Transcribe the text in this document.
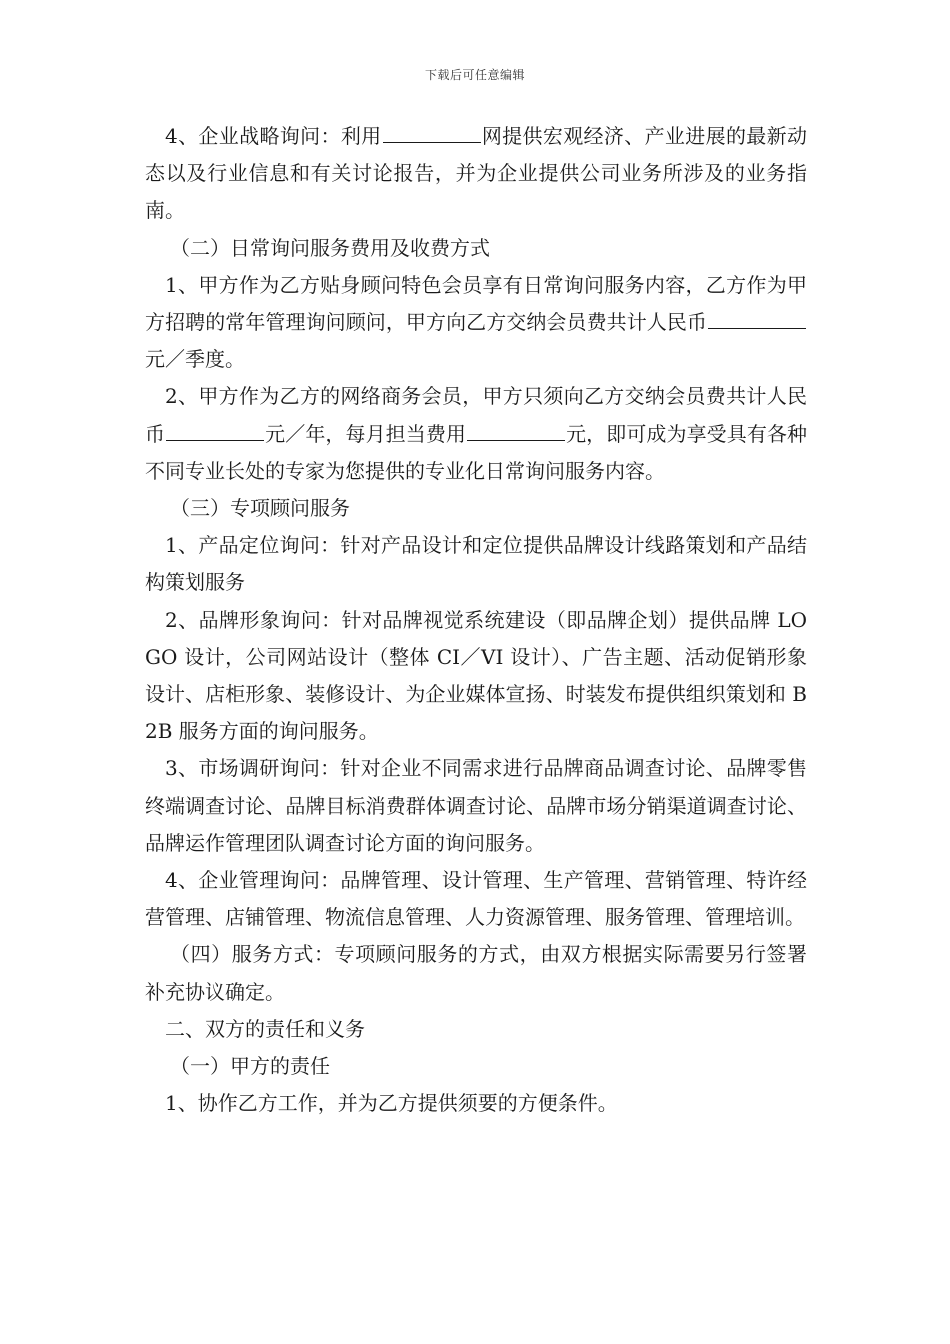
下载后可任意编辑

4、企业战略询问：利用	网提供宏观经济、产业进展的最新动态以及行业信息和有关讨论报告，并为企业提供公司业务所涉及的业务指南。

（二）日常询问服务费用及收费方式

1、甲方作为乙方贴身顾问特色会员享有日常询问服务内容，乙方作为甲方招聘的常年管理询问顾问，甲方向乙方交纳会员费共计人民币元／季度。

2、甲方作为乙方的网络商务会员，甲方只须向乙方交纳会员费共计人民币	元／年，每月担当费用	元，即可成为享受具有各种不同专业长处的专家为您提供的专业化日常询问服务内容。

（三）专项顾问服务

1、产品定位询问：针对产品设计和定位提供品牌设计线路策划和产品结构策划服务

2、品牌形象询问：针对品牌视觉系统建设（即品牌企划）提供品牌 LOGO 设计，公司网站设计（整体 CI／VI 设计）、广告主题、活动促销形象设计、店柜形象、装修设计、为企业媒体宣扬、时装发布提供组织策划和 B2B 服务方面的询问服务。

3、市场调研询问：针对企业不同需求进行品牌商品调查讨论、品牌零售终端调查讨论、品牌目标消费群体调查讨论、品牌市场分销渠道调查讨论、品牌运作管理团队调查讨论方面的询问服务。

4、企业管理询问：品牌管理、设计管理、生产管理、营销管理、特许经营管理、店铺管理、物流信息管理、人力资源管理、服务管理、管理培训。

（四）服务方式：专项顾问服务的方式，由双方根据实际需要另行签署补充协议确定。

二、双方的责任和义务

（一）甲方的责任

1、协作乙方工作，并为乙方提供须要的方便条件。
